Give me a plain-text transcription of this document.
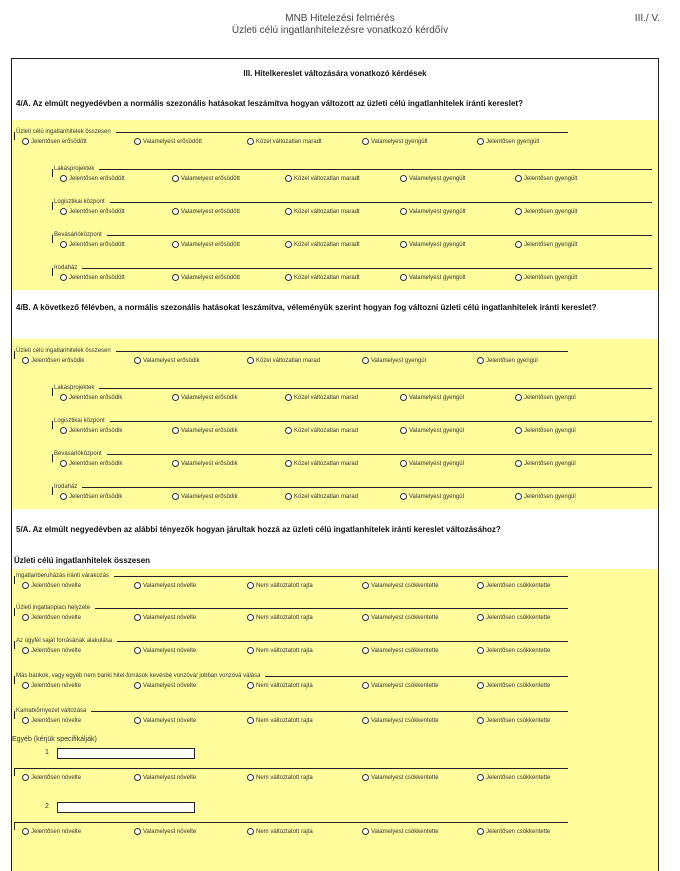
MNB Hitelezési felmérés
Üzleti célú ingatlanhitelezésre vonatkozó kérdőív
III./ V.
III. Hitelkereslet változására vonatkozó kérdések
4/A. Az elmúlt negyedévben a normális szezonális hatásokat leszámítva hogyan változott az üzleti célú ingatlanhitelek iránti kereslet?
Üzleti célú ingatlanhitelek összesen
Jelentősen erősödött	Valamelyest erősödött	Közel változatlan maradt	Valamelyest gyengült	Jelentősen gyengült
Lakásprojektek
Jelentősen erősödött	Valamelyest erősödött	Közel változatlan maradt	Valamelyest gyengült	Jelentősen gyengült
Logisztikai központ
Jelentősen erősödött	Valamelyest erősödött	Közel változatlan maradt	Valamelyest gyengült	Jelentősen gyengült
Bevásárlóközpont
Jelentősen erősödött	Valamelyest erősödött	Közel változatlan maradt	Valamelyest gyengült	Jelentősen gyengült
Irodaház
Jelentősen erősödött	Valamelyest erősödött	Közel változatlan maradt	Valamelyest gyengült	Jelentősen gyengült
4/B. A következő félévben, a normális szezonális hatásokat leszámítva, véleményük szerint hogyan fog változni üzleti célú ingatlanhitelek iránti kereslet?
Üzleti célú ingatlanhitelek összesen
Jelentősen erősödik	Valamelyest erősödik	Közel változatlan marad	Valamelyest gyengül	Jelentősen gyengül
Lakásprojektek
Jelentősen erősödik	Valamelyest erősödik	Közel változatlan marad	Valamelyest gyengül	Jelentősen gyengül
Logisztikai központ
Jelentősen erősödik	Valamelyest erősödik	Közel változatlan marad	Valamelyest gyengül	Jelentősen gyengül
Bevásárlóközpont
Jelentősen erősödik	Valamelyest erősödik	Közel változatlan marad	Valamelyest gyengül	Jelentősen gyengül
Irodaház
Jelentősen erősödik	Valamelyest erősödik	Közel változatlan marad	Valamelyest gyengül	Jelentősen gyengül
5/A. Az elmúlt negyedévben az alábbi tényezők hogyan járultak hozzá az üzleti célú ingatlanhitelek iránti kereslet változásához?
Üzleti célú ingatlanhitelek összesen
Ingatlanberuházás iránti várakozás
Jelentősen növelte	Valamelyest növelte	Nem változtatott rajta	Valamelyest csökkentette	Jelentősen csökkentette
Üzleti ingatlanpiaci helyzete
Jelentősen növelte	Valamelyest növelte	Nem változtatott rajta	Valamelyest csökkentette	Jelentősen csökkentette
Az ügyfél saját forrásának alakulása
Jelentősen növelte	Valamelyest növelte	Nem változtatott rajta	Valamelyest csökkentette	Jelentősen csökkentette
Más bankok, vagy egyéb nem banki hitel-források kevésbé vonzóvá/ jobban vonzóvá válása
Jelentősen növelte	Valamelyest növelte	Nem változtatott rajta	Valamelyest csökkentette	Jelentősen csökkentette
Kamatkörnyezet változása
Jelentősen növelte	Valamelyest növelte	Nem változtatott rajta	Valamelyest csökkentette	Jelentősen csökkentette
Egyéb (kérjük specifikálják)
1
Jelentősen növelte	Valamelyest növelte	Nem változtatott rajta	Valamelyest csökkentette	Jelentősen csökkentette
2
Jelentősen növelte	Valamelyest növelte	Nem változtatott rajta	Valamelyest csökkentette	Jelentősen csökkentette
